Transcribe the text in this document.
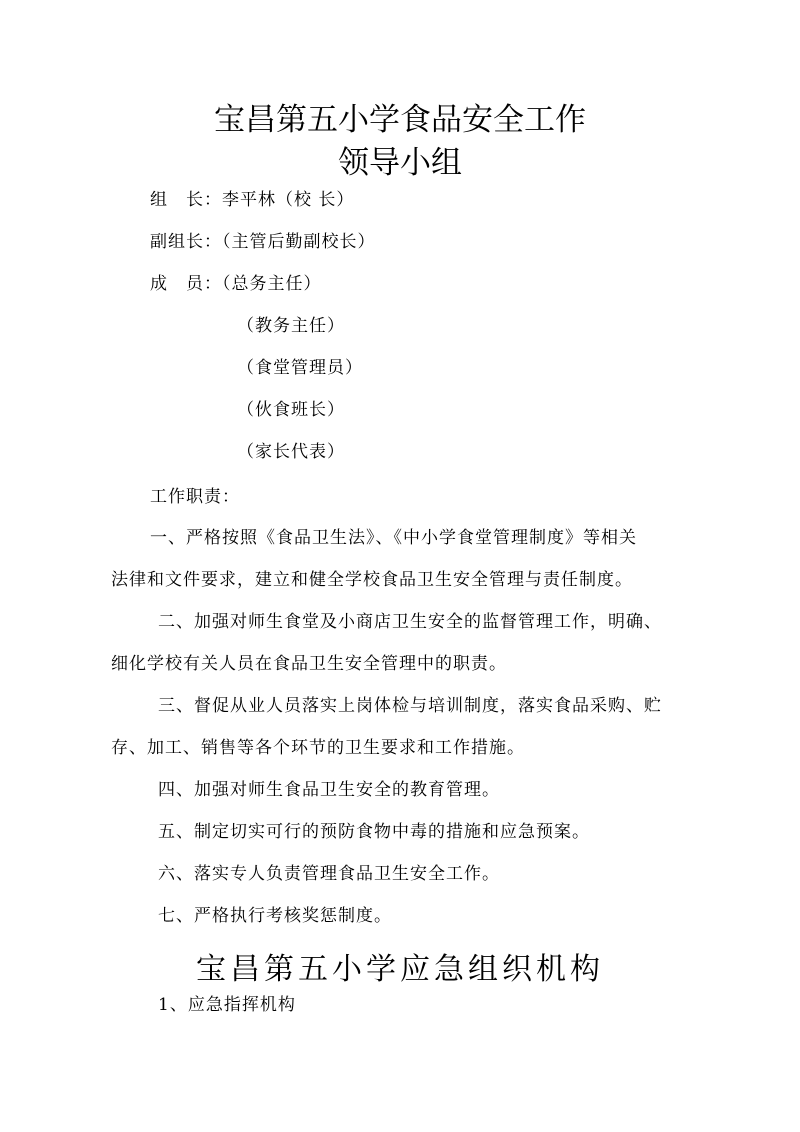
宝昌第五小学食品安全工作
领导小组
组　长：李平林（校 长）
副组长：（主管后勤副校长）
成　员：（总务主任）
（教务主任）
（食堂管理员）
（伙食班长）
（家长代表）
工作职责：
一、严格按照《食品卫生法》、《中小学食堂管理制度》等相关
法律和文件要求，建立和健全学校食品卫生安全管理与责任制度。
二、加强对师生食堂及小商店卫生安全的监督管理工作，明确、
细化学校有关人员在食品卫生安全管理中的职责。
三、督促从业人员落实上岗体检与培训制度，落实食品采购、贮
存、加工、销售等各个环节的卫生要求和工作措施。
四、加强对师生食品卫生安全的教育管理。
五、制定切实可行的预防食物中毒的措施和应急预案。
六、落实专人负责管理食品卫生安全工作。
七、严格执行考核奖惩制度。
宝昌第五小学应急组织机构
1、应急指挥机构
